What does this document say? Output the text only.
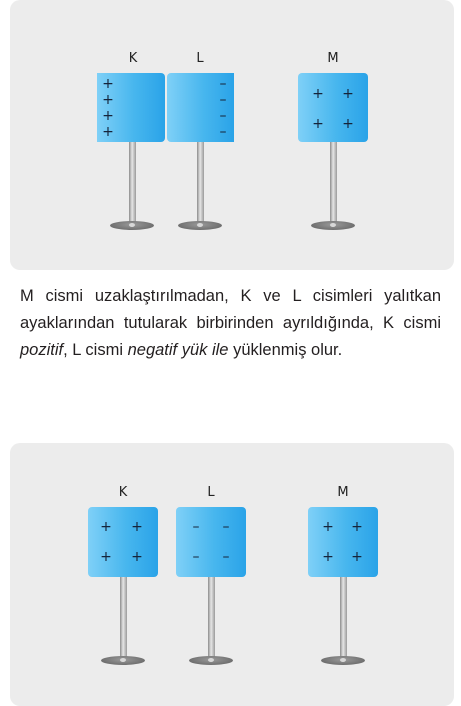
K	L	M
+
+
+
+
–
–
–
–
+ +
+ +
M cismi uzaklaştırılmadan, K ve L cisimleri yalıtkan ayaklarından tutularak birbirinden ayrıldığında, K cismi pozitif, L cismi negatif yük ile yüklenmiş olur.
K	L	M
+ +
+ +
– –
– –
+ +
+ +
